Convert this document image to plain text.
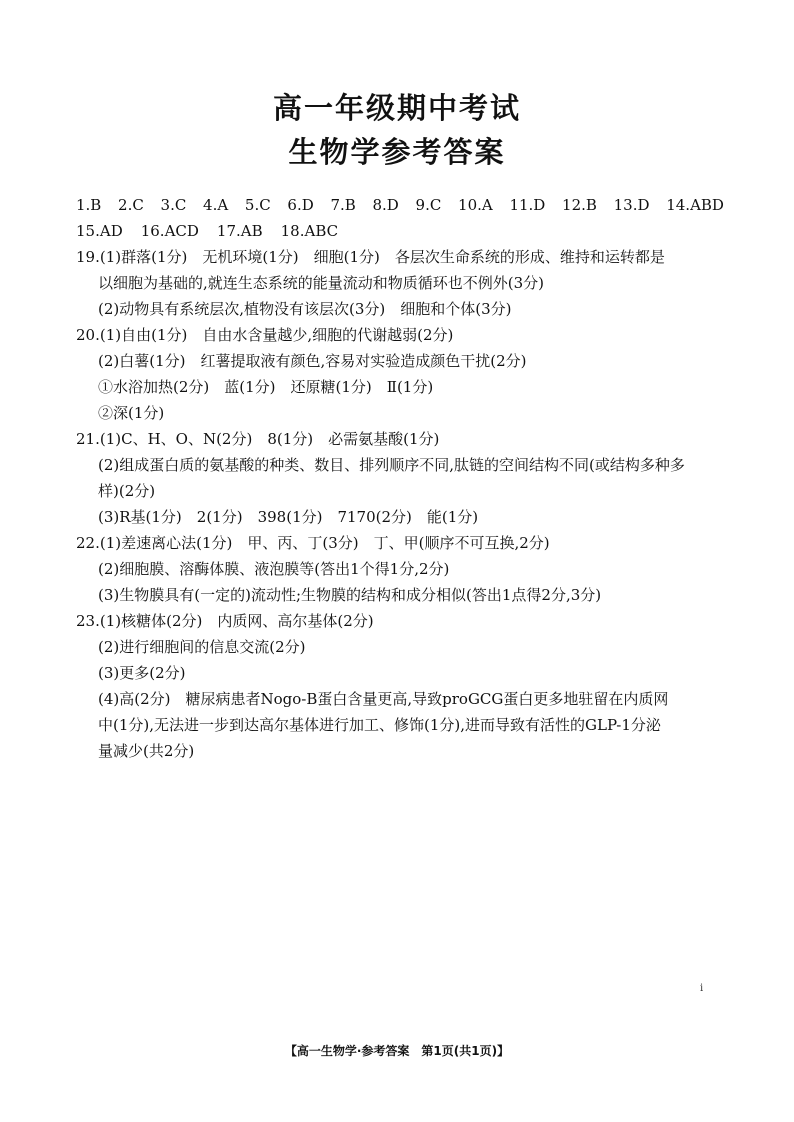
高一年级期中考试
生物学参考答案
1.B 2.C 3.C 4.A 5.C 6.D 7.B 8.D 9.C 10.A 11.D 12.B 13.D 14.ABD
15.AD 16.ACD 17.AB 18.ABC
19.(1)群落(1分)　无机环境(1分)　细胞(1分)　各层次生命系统的形成、维持和运转都是
以细胞为基础的,就连生态系统的能量流动和物质循环也不例外(3分)
(2)动物具有系统层次,植物没有该层次(3分)　细胞和个体(3分)
20.(1)自由(1分)　自由水含量越少,细胞的代谢越弱(2分)
(2)白薯(1分)　红薯提取液有颜色,容易对实验造成颜色干扰(2分)
①水浴加热(2分)　蓝(1分)　还原糖(1分)　Ⅱ(1分)
②深(1分)
21.(1)C、H、O、N(2分)　8(1分)　必需氨基酸(1分)
(2)组成蛋白质的氨基酸的种类、数目、排列顺序不同,肽链的空间结构不同(或结构多种多
样)(2分)
(3)R基(1分)　2(1分)　398(1分)　7170(2分)　能(1分)
22.(1)差速离心法(1分)　甲、丙、丁(3分)　丁、甲(顺序不可互换,2分)
(2)细胞膜、溶酶体膜、液泡膜等(答出1个得1分,2分)
(3)生物膜具有(一定的)流动性;生物膜的结构和成分相似(答出1点得2分,3分)
23.(1)核糖体(2分)　内质网、高尔基体(2分)
(2)进行细胞间的信息交流(2分)
(3)更多(2分)
(4)高(2分)　糖尿病患者Nogo-B蛋白含量更高,导致proGCG蛋白更多地驻留在内质网
中(1分),无法进一步到达高尔基体进行加工、修饰(1分),进而导致有活性的GLP-1分泌
量减少(共2分)
i
【高一生物学·参考答案　第1页(共1页)】
